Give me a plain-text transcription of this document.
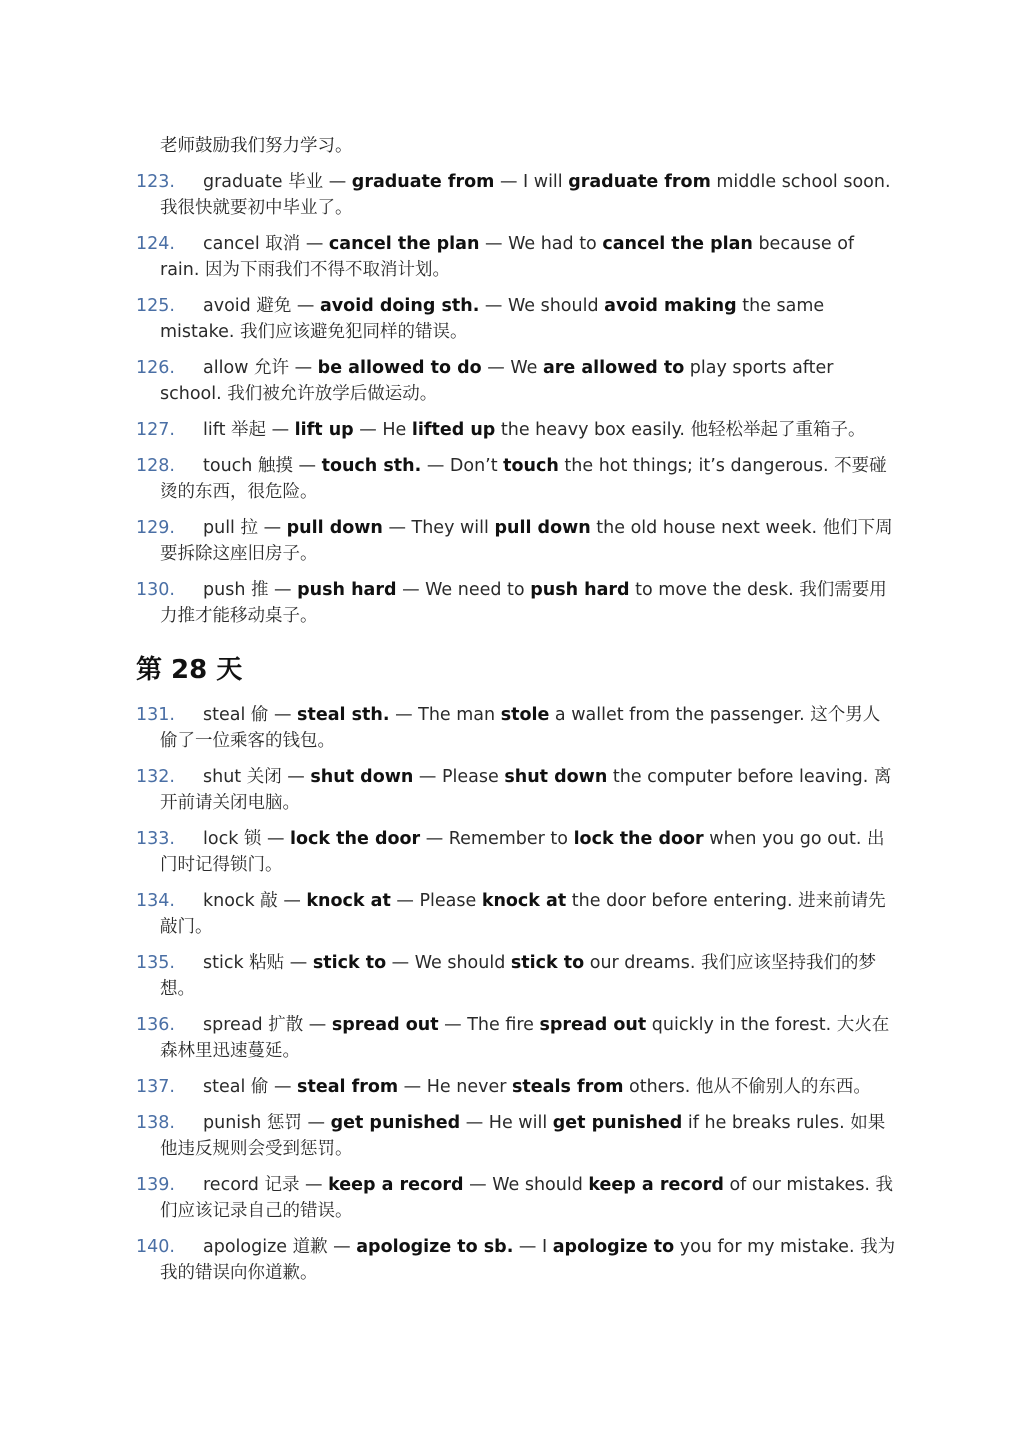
老师鼓励我们努力学习。
123.	graduate 毕业 — graduate from — I will graduate from middle school soon. 我很快就要初中毕业了。
124.	cancel 取消 — cancel the plan — We had to cancel the plan because of rain. 因为下雨我们不得不取消计划。
125.	avoid 避免 — avoid doing sth. — We should avoid making the same mistake. 我们应该避免犯同样的错误。
126.	allow 允许 — be allowed to do — We are allowed to play sports after school. 我们被允许放学后做运动。
127.	lift 举起 — lift up — He lifted up the heavy box easily. 他轻松举起了重箱子。
128.	touch 触摸 — touch sth. — Don’t touch the hot things; it’s dangerous. 不要碰烫的东西，很危险。
129.	pull 拉 — pull down — They will pull down the old house next week. 他们下周要拆除这座旧房子。
130.	push 推 — push hard — We need to push hard to move the desk. 我们需要用力推才能移动桌子。
第 28 天
131.	steal 偷 — steal sth. — The man stole a wallet from the passenger. 这个男人偷了一位乘客的钱包。
132.	shut 关闭 — shut down — Please shut down the computer before leaving. 离开前请关闭电脑。
133.	lock 锁 — lock the door — Remember to lock the door when you go out. 出门时记得锁门。
134.	knock 敲 — knock at — Please knock at the door before entering. 进来前请先敲门。
135.	stick 粘贴 — stick to — We should stick to our dreams. 我们应该坚持我们的梦想。
136.	spread 扩散 — spread out — The fire spread out quickly in the forest. 大火在森林里迅速蔓延。
137.	steal 偷 — steal from — He never steals from others. 他从不偷别人的东西。
138.	punish 惩罚 — get punished — He will get punished if he breaks rules. 如果他违反规则会受到惩罚。
139.	record 记录 — keep a record — We should keep a record of our mistakes. 我们应该记录自己的错误。
140.	apologize 道歉 — apologize to sb. — I apologize to you for my mistake. 我为我的错误向你道歉。
